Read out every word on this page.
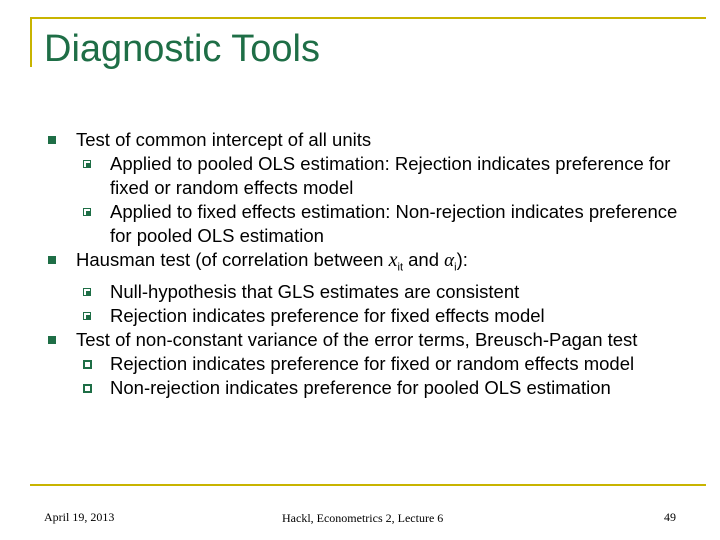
Diagnostic Tools
Test of common intercept of all units
Applied to pooled OLS estimation: Rejection indicates preference for fixed or random effects model
Applied to fixed effects estimation: Non-rejection indicates preference for pooled OLS estimation
Hausman test (of correlation between $x_{it}$ and $\alpha_i$):
Null-hypothesis that GLS estimates are consistent
Rejection indicates preference for fixed effects model
Test of non-constant variance of the error terms, Breusch-Pagan test
Rejection indicates preference for fixed or random effects model
Non-rejection indicates preference for pooled OLS estimation
April 19, 2013	Hackl, Econometrics 2, Lecture 6	49
